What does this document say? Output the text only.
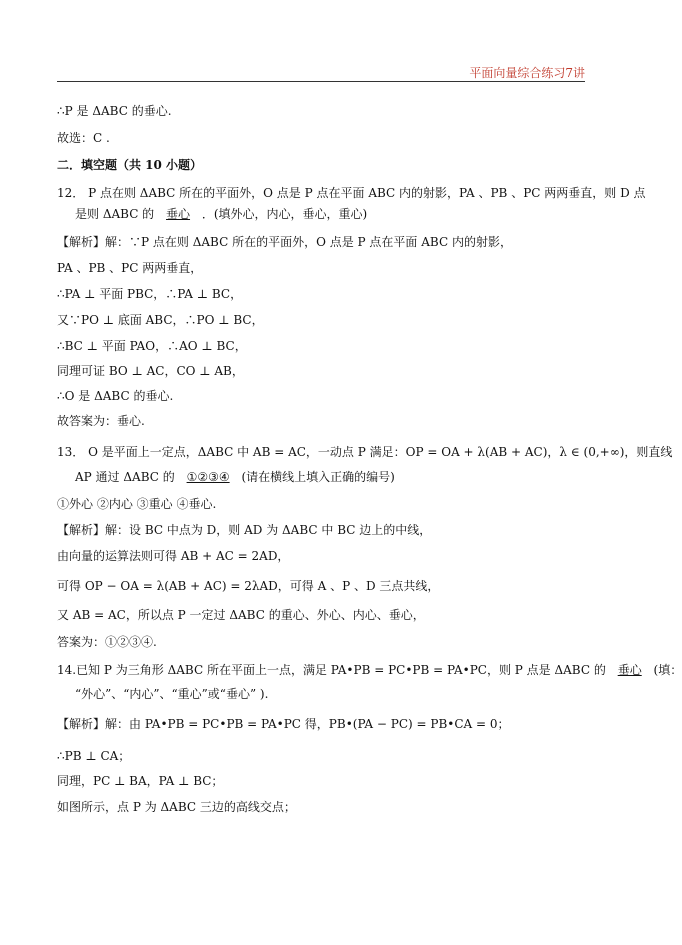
平面向量综合练习7讲
∴P 是 ΔABC 的垂心.
故选：C .
二．填空题（共 10 小题）
12． P 点在则 ΔABC 所在的平面外，O 点是 P 点在平面 ABC 内的射影，PA 、PB 、PC 两两垂直，则 D 点
是则 ΔABC 的 垂心 ．(填外心，内心，垂心，重心)
【解析】解：∵P 点在则 ΔABC 所在的平面外，O 点是 P 点在平面 ABC 内的射影，
PA 、PB 、PC 两两垂直，
∴PA ⊥ 平面 PBC，∴PA ⊥ BC，
又∵PO ⊥ 底面 ABC，∴PO ⊥ BC，
∴BC ⊥ 平面 PAO，∴AO ⊥ BC，
同理可证 BO ⊥ AC，CO ⊥ AB，
∴O 是 ΔABC 的垂心.
故答案为：垂心.
13． O 是平面上一定点，ΔABC 中 AB = AC，一动点 P 满足：OP = OA + λ(AB + AC)，λ ∈ (0,+∞)，则直线
AP 通过 ΔABC 的 ①②③④ (请在横线上填入正确的编号)
①外心 ②内心 ③重心 ④垂心.
【解析】解：设 BC 中点为 D，则 AD 为 ΔABC 中 BC 边上的中线，
由向量的运算法则可得 AB + AC = 2AD，
可得 OP − OA = λ(AB + AC) = 2λAD，可得 A 、P 、D 三点共线，
又 AB = AC，所以点 P 一定过 ΔABC 的重心、外心、内心、垂心，
答案为：①②③④.
14.已知 P 为三角形 ΔABC 所在平面上一点，满足 PA•PB = PC•PB = PA•PC，则 P 点是 ΔABC 的 垂心 (填：
“外心”、“内心”、“重心”或“垂心” ).
【解析】解：由 PA•PB = PC•PB = PA•PC 得，PB•(PA − PC) = PB•CA = 0；
∴PB ⊥ CA；
同理，PC ⊥ BA，PA ⊥ BC；
如图所示，点 P 为 ΔABC 三边的高线交点；
